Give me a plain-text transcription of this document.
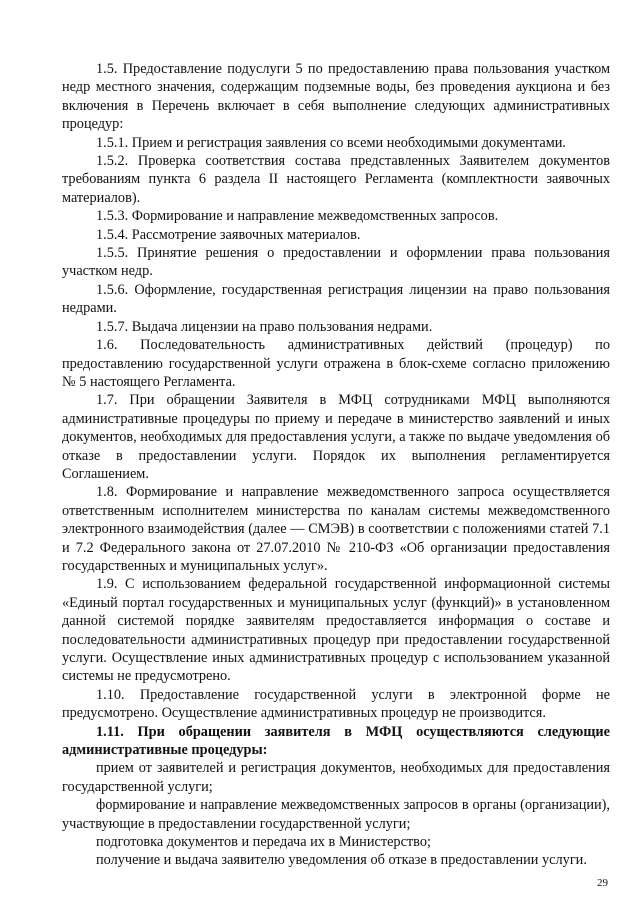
1.5. Предоставление подуслуги 5 по предоставлению права пользования участком недр местного значения, содержащим подземные воды, без проведения аукциона и без включения в Перечень включает в себя выполнение следующих административных процедур:

1.5.1. Прием и регистрация заявления со всеми необходимыми документами.

1.5.2. Проверка соответствия состава представленных Заявителем документов требованиям пункта 6 раздела II настоящего Регламента (комплектности заявочных материалов).

1.5.3. Формирование и направление межведомственных запросов.

1.5.4. Рассмотрение заявочных материалов.

1.5.5. Принятие решения о предоставлении и оформлении права пользования участком недр.

1.5.6. Оформление, государственная регистрация лицензии на право пользования недрами.

1.5.7. Выдача лицензии на право пользования недрами.

1.6. Последовательность административных действий (процедур) по предоставлению государственной услуги отражена в блок-схеме согласно приложению № 5 настоящего Регламента.

1.7. При обращении Заявителя в МФЦ сотрудниками МФЦ выполняются административные процедуры по приему и передаче в министерство заявлений и иных документов, необходимых для предоставления услуги, а также по выдаче уведомления об отказе в предоставлении услуги. Порядок их выполнения регламентируется Соглашением.

1.8. Формирование и направление межведомственного запроса осуществляется ответственным исполнителем министерства по каналам системы межведомственного электронного взаимодействия (далее — СМЭВ) в соответствии с положениями статей 7.1 и 7.2 Федерального закона от 27.07.2010 № 210-ФЗ «Об организации предоставления государственных и муниципальных услуг».

1.9. С использованием федеральной государственной информационной системы «Единый портал государственных и муниципальных услуг (функций)» в установленном данной системой порядке заявителям предоставляется информация о составе и последовательности административных процедур при предоставлении государственной услуги. Осуществление иных административных процедур с использованием указанной системы не предусмотрено.

1.10. Предоставление государственной услуги в электронной форме не предусмотрено. Осуществление административных процедур не производится.

1.11. При обращении заявителя в МФЦ осуществляются следующие административные процедуры:

прием от заявителей и регистрация документов, необходимых для предоставления государственной услуги;

формирование и направление межведомственных запросов в органы (организации), участвующие в предоставлении государственной услуги;

подготовка документов и передача их в Министерство;

получение и выдача заявителю уведомления об отказе в предоставлении услуги.

29
